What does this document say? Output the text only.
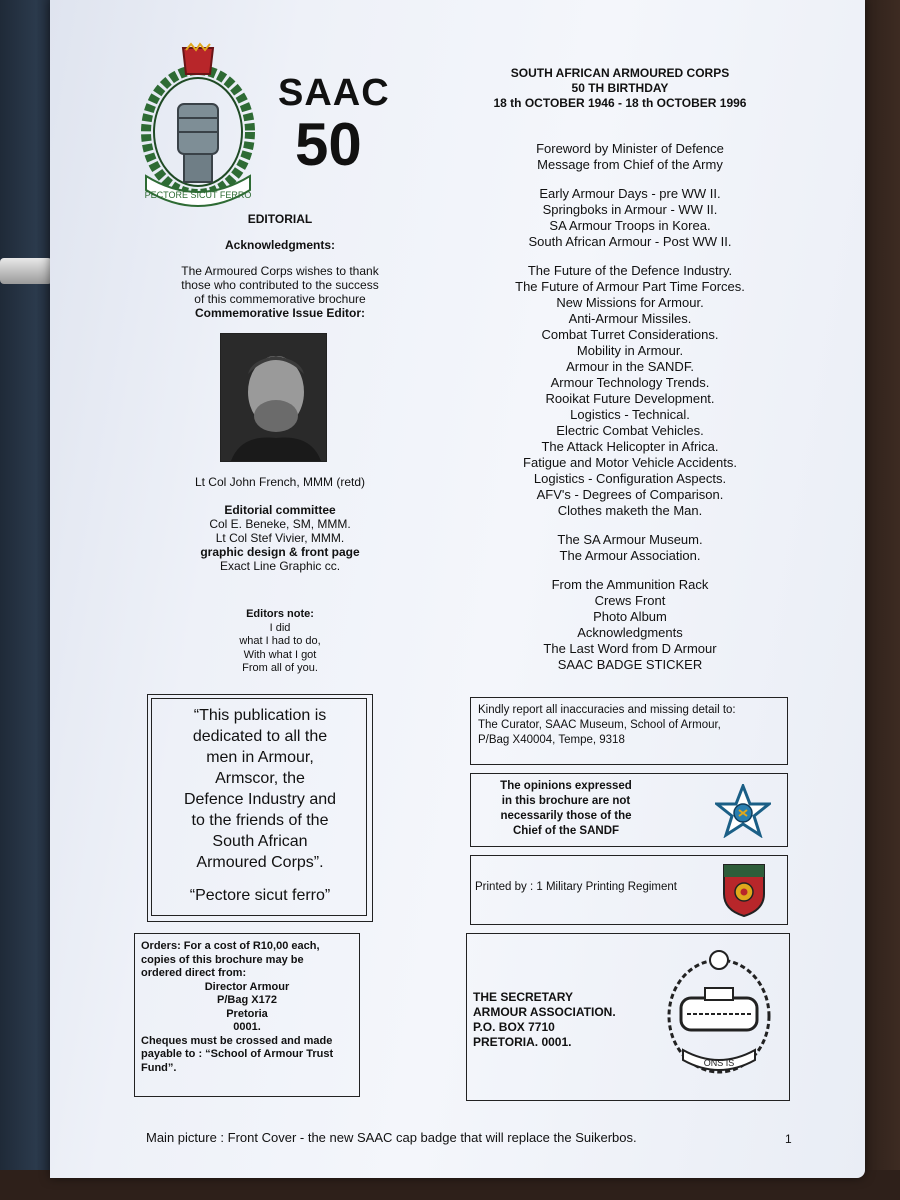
PECTORE SICUT FERRO
SAAC
50
SOUTH AFRICAN ARMOURED CORPS
50 TH BIRTHDAY
18 th OCTOBER 1946 - 18 th OCTOBER 1996
EDITORIAL
Acknowledgments:
The Armoured Corps wishes to thank
those who contributed to the success
of this commemorative brochure
Commemorative Issue Editor:
Lt Col John French, MMM (retd)
Editorial committee
Col E. Beneke, SM, MMM.
Lt Col Stef Vivier, MMM.
graphic design & front page
Exact Line Graphic cc.
Editors note:
I did
what I had to do,
With what I got
From all of you.
“This publication is
dedicated to all the
men in Armour,
Armscor, the
Defence Industry and
to the friends of the
South African
Armoured Corps”.
“Pectore sicut ferro”
Orders: For a cost of R10,00 each,
copies of this brochure may be
ordered direct from:
Director Armour
P/Bag X172
Pretoria
0001.
Cheques must be crossed and made
payable to : “School of Armour Trust
Fund”.
Foreword by Minister of Defence
Message from Chief of the Army
Early Armour Days - pre WW II.
Springboks in Armour - WW II.
SA Armour Troops in Korea.
South African Armour - Post WW II.
The Future of the Defence Industry.
The Future of Armour Part Time Forces.
New Missions for Armour.
Anti-Armour Missiles.
Combat Turret Considerations.
Mobility in Armour.
Armour in the SANDF.
Armour Technology Trends.
Rooikat Future Development.
Logistics - Technical.
Electric Combat Vehicles.
The Attack Helicopter in Africa.
Fatigue and Motor Vehicle Accidents.
Logistics - Configuration Aspects.
AFV's - Degrees of Comparison.
Clothes maketh the Man.
The SA Armour Museum.
The Armour Association.
From the Ammunition Rack
Crews Front
Photo Album
Acknowledgments
The Last Word from D Armour
SAAC BADGE STICKER
Kindly report all inaccuracies and missing detail to:
The Curator, SAAC Museum, School of Armour,
P/Bag X40004, Tempe, 9318
The opinions expressed
in this brochure are not
necessarily those of the
Chief of the SANDF
Printed by : 1 Military Printing Regiment
THE SECRETARY
ARMOUR ASSOCIATION.
P.O. BOX 7710
PRETORIA. 0001.
ONS IS
Main picture : Front Cover - the new SAAC cap badge that will replace the Suikerbos.	1
